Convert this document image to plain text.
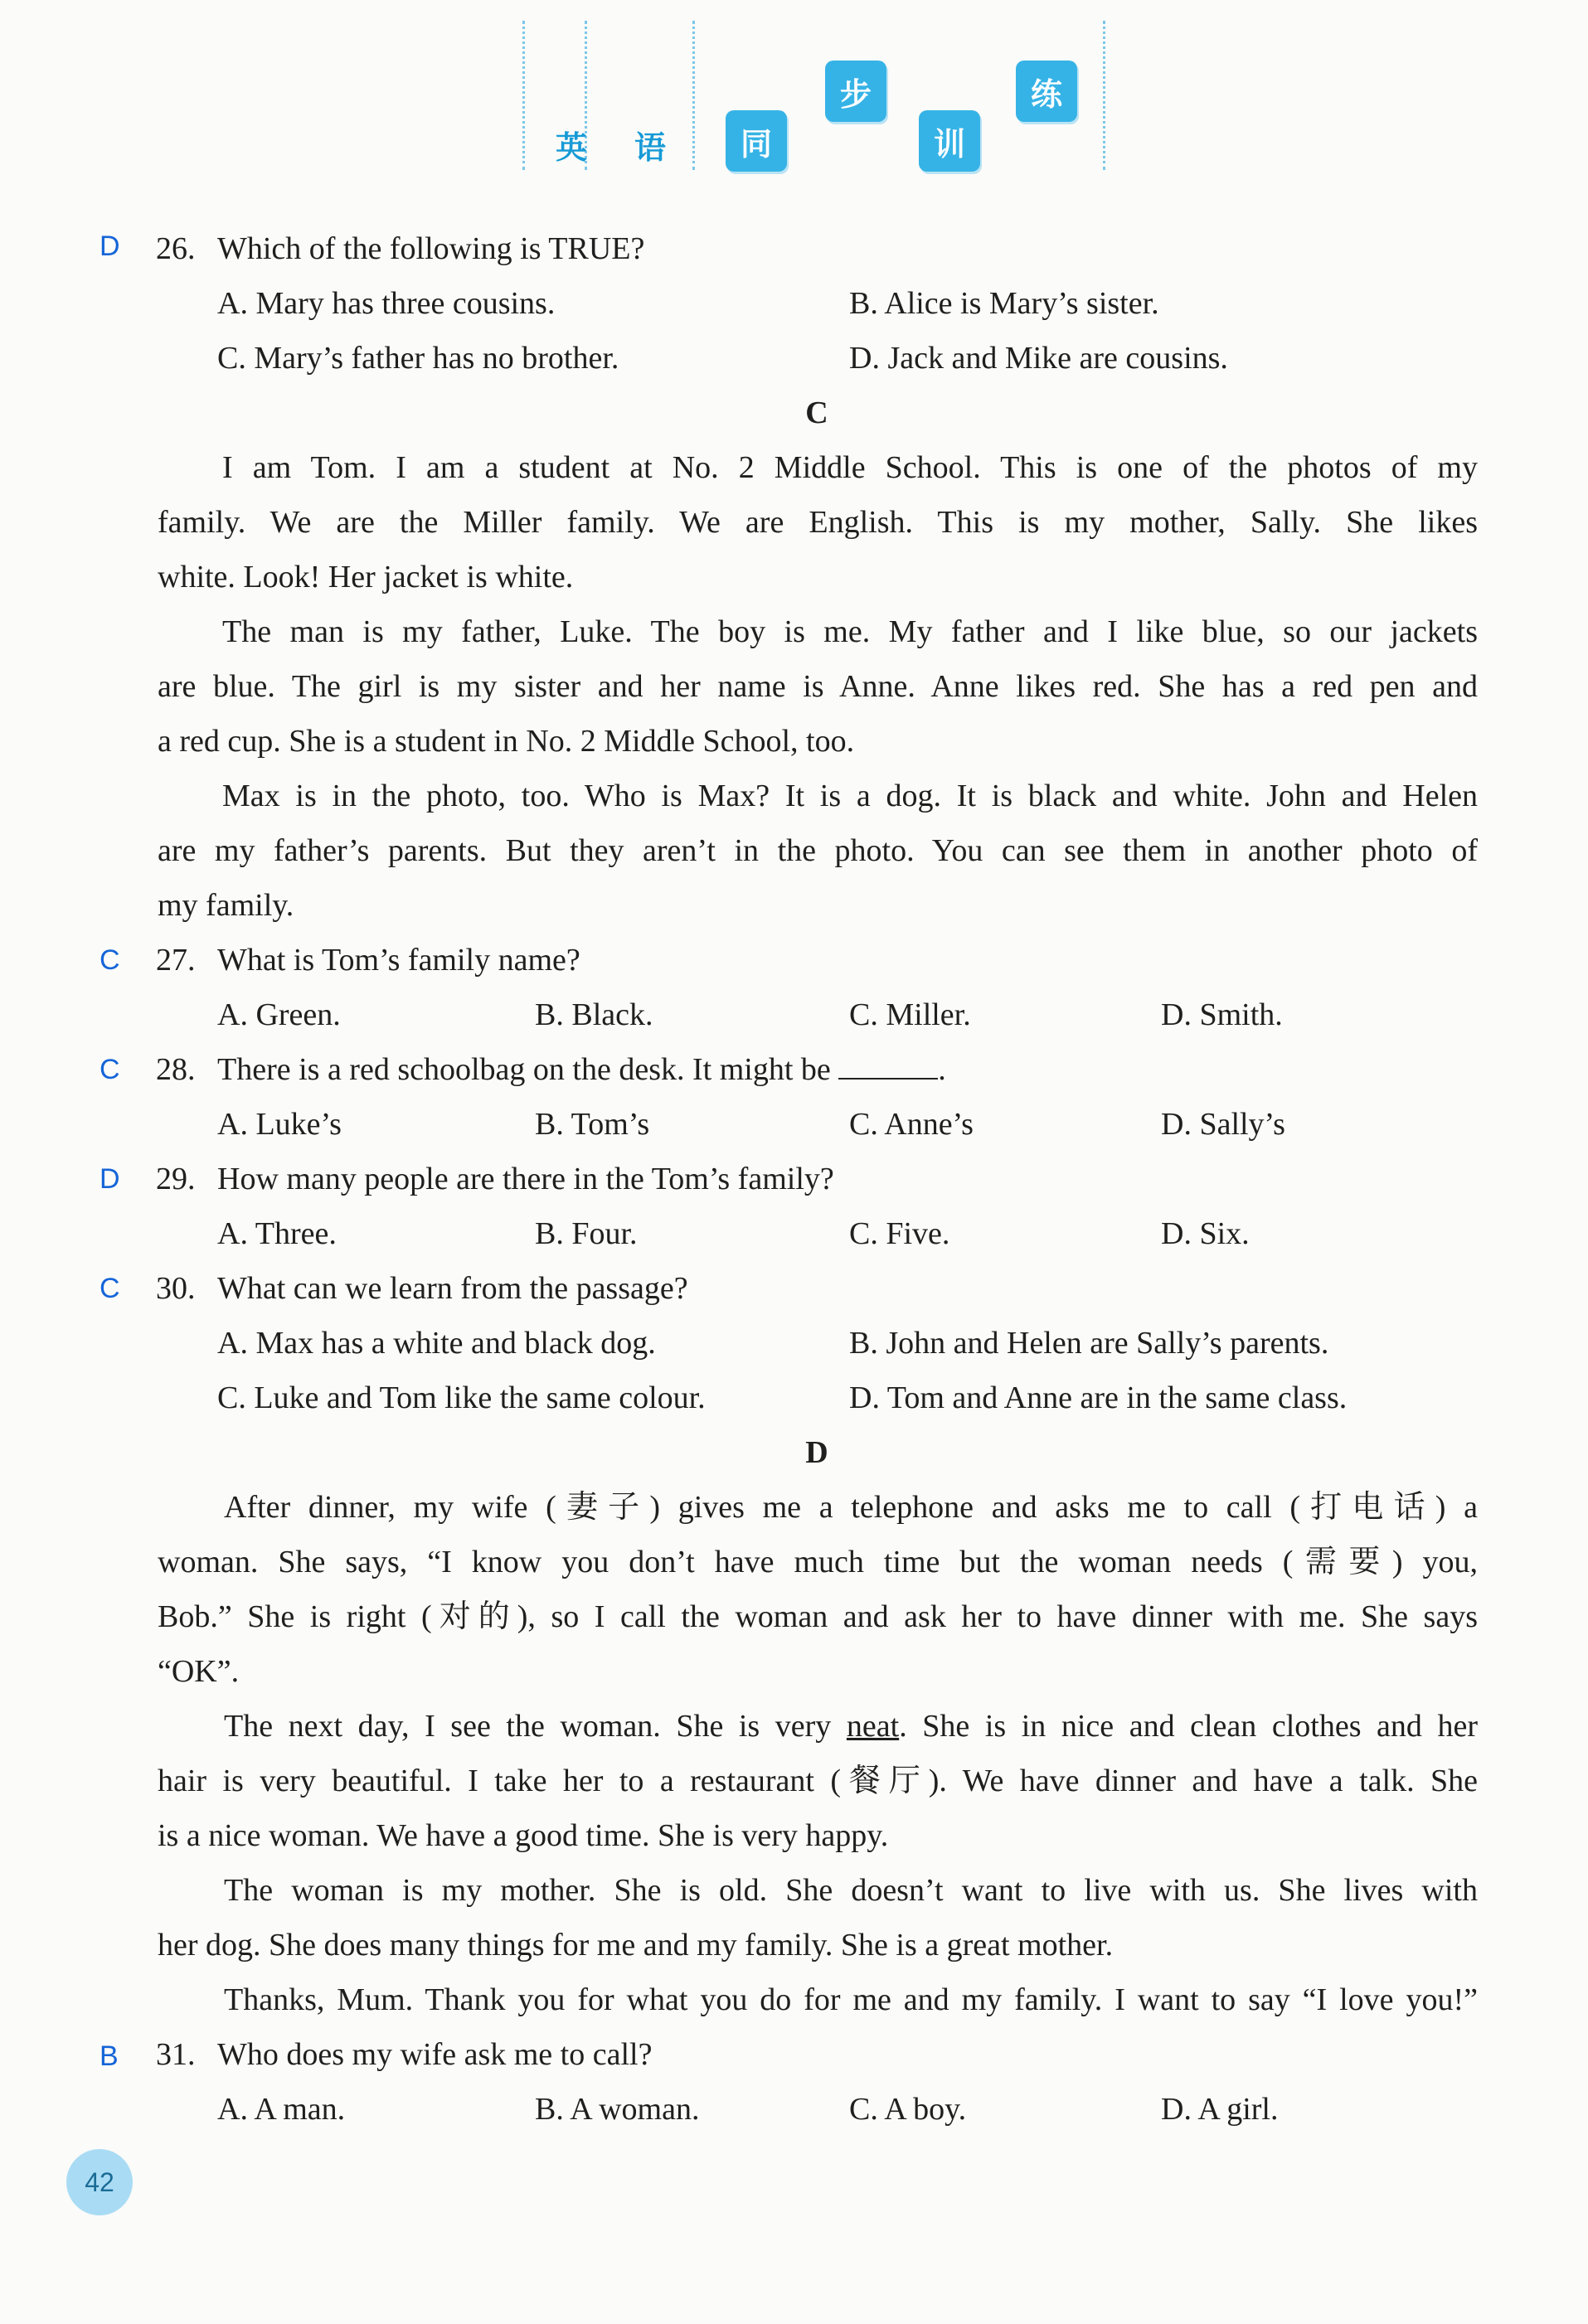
英 语	同
步
训
练
D 26. Which of the following is TRUE?
A. Mary has three cousins.	B. Alice is Mary’s sister.
C. Mary’s father has no brother.	D. Jack and Mike are cousins.
C
I am Tom. I am a student at No. 2 Middle School. This is one of the photos of my
family. We are the Miller family. We are English. This is my mother, Sally. She likes
white. Look! Her jacket is white.
The man is my father, Luke. The boy is me. My father and I like blue, so our jackets
are blue. The girl is my sister and her name is Anne. Anne likes red. She has a red pen and
a red cup. She is a student in No. 2 Middle School, too.
Max is in the photo, too. Who is Max? It is a dog. It is black and white. John and Helen
are my father’s parents. But they aren’t in the photo. You can see them in another photo of
my family.
C 27. What is Tom’s family name?
A. Green.	B. Black.	C. Miller.	D. Smith.
C 28. There is a red schoolbag on the desk. It might be	.
A. Luke’s	B. Tom’s	C. Anne’s	D. Sally’s
D 29. How many people are there in the Tom’s family?
A. Three.	B. Four.	C. Five.	D. Six.
C 30. What can we learn from the passage?
A. Max has a white and black dog.	B. John and Helen are Sally’s parents.
C. Luke and Tom like the same colour.	D. Tom and Anne are in the same class.
D
After dinner, my wife (妻子) gives me a telephone and asks me to call (打电话) a
woman. She says, “I know you don’t have much time but the woman needs (需要) you,
Bob.” She is right (对的), so I call the woman and ask her to have dinner with me. She says
“OK”.
The next day, I see the woman. She is very neat. She is in nice and clean clothes and her
hair is very beautiful. I take her to a restaurant (餐厅). We have dinner and have a talk. She
is a nice woman. We have a good time. She is very happy.
The woman is my mother. She is old. She doesn’t want to live with us. She lives with
her dog. She does many things for me and my family. She is a great mother.
Thanks, Mum. Thank you for what you do for me and my family. I want to say “I love you!”
B 31. Who does my wife ask me to call?
A. A man.	B. A woman.	C. A boy.	D. A girl.
42
